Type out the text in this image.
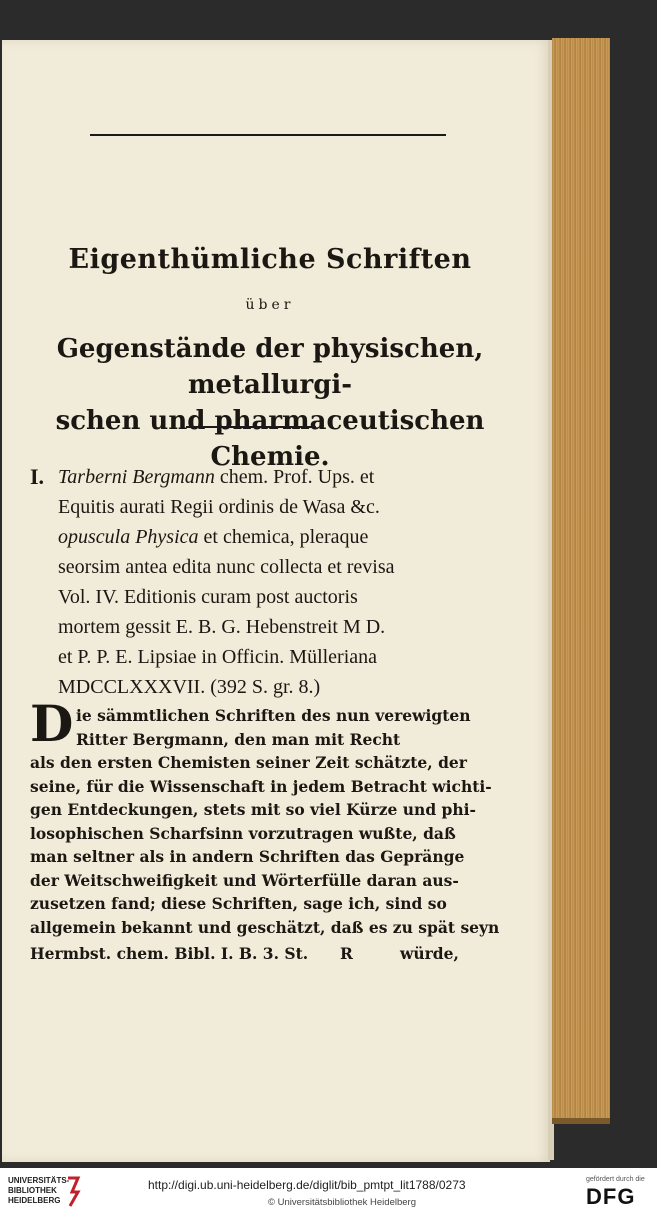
Eigenthümliche Schriften
über
Gegenstände der physischen, metallurgi-
schen und pharmaceutischen Chemie.
I. Tarberni Bergmann chem. Prof. Ups. et
Equitis aurati Regii ordinis de Wasa &c.
opuscula Physica et chemica, pleraque
seorsim antea edita nunc collecta et revisa
Vol. IV. Editionis curam post auctoris
mortem gessit E. B. G. Hebenstreit M D.
et P. P. E. Lipsiae in Officin. Mülleriana
MDCCLXXXVII. (392 S. gr. 8.)
D ie sämmtlichen Schriften des nun verewigten
Ritter Bergmann, den man mit Recht
als den ersten Chemisten seiner Zeit schätzte, der
seine, für die Wissenschaft in jedem Betracht wichti-
gen Entdeckungen, stets mit so viel Kürze und phi-
losophischen Scharfsinn vorzutragen wußte, daß
man seltner als in andern Schriften das Gepränge
der Weitschweifigkeit und Wörterfülle daran aus-
zusetzen fand; diese Schriften, sage ich, sind so
allgemein bekannt und geschätzt, daß es zu spät seyn
Hermbst. chem. Bibl. I. B. 3. St. R	würde,
UNIVERSITÄTS- BIBLIOTHEK HEIDELBERG
http://digi.ub.uni-heidelberg.de/diglit/bib_pmtpt_lit1788/0273
© Universitätsbibliothek Heidelberg
gefördert durch die
DFG
